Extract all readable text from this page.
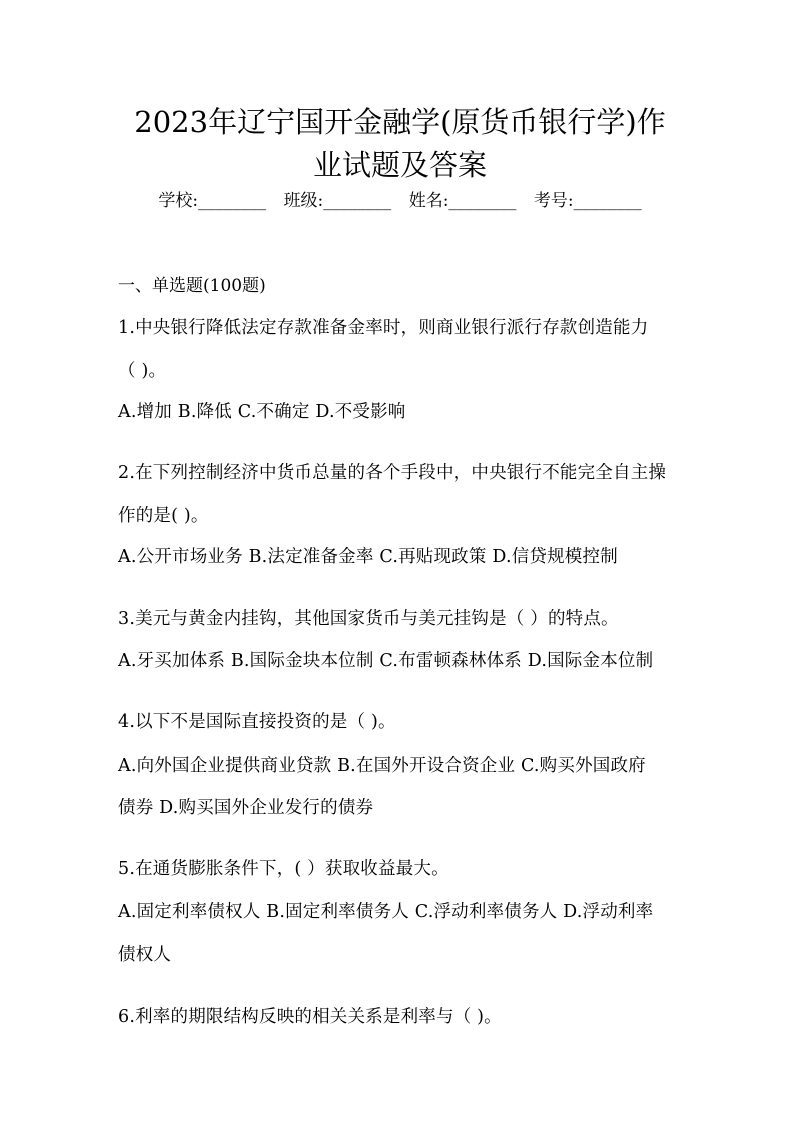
2023年辽宁国开金融学(原货币银行学)作
业试题及答案
学校:________ 班级:________ 姓名:________ 考号:________
一、单选题(100题)
1.中央银行降低法定存款准备金率时，则商业银行派行存款创造能力
（ )。
A.增加 B.降低 C.不确定 D.不受影响
2.在下列控制经济中货币总量的各个手段中，中央银行不能完全自主操
作的是( )。
A.公开市场业务 B.法定准备金率 C.再贴现政策 D.信贷规模控制
3.美元与黄金内挂钩，其他国家货币与美元挂钩是（ ）的特点。
A.牙买加体系 B.国际金块本位制 C.布雷顿森林体系 D.国际金本位制
4.以下不是国际直接投资的是（ )。
A.向外国企业提供商业贷款 B.在国外开设合资企业 C.购买外国政府
债券 D.购买国外企业发行的债券
5.在通货膨胀条件下，( ）获取收益最大。
A.固定利率债权人 B.固定利率债务人 C.浮动利率债务人 D.浮动利率
债权人
6.利率的期限结构反映的相关关系是利率与（ )。
